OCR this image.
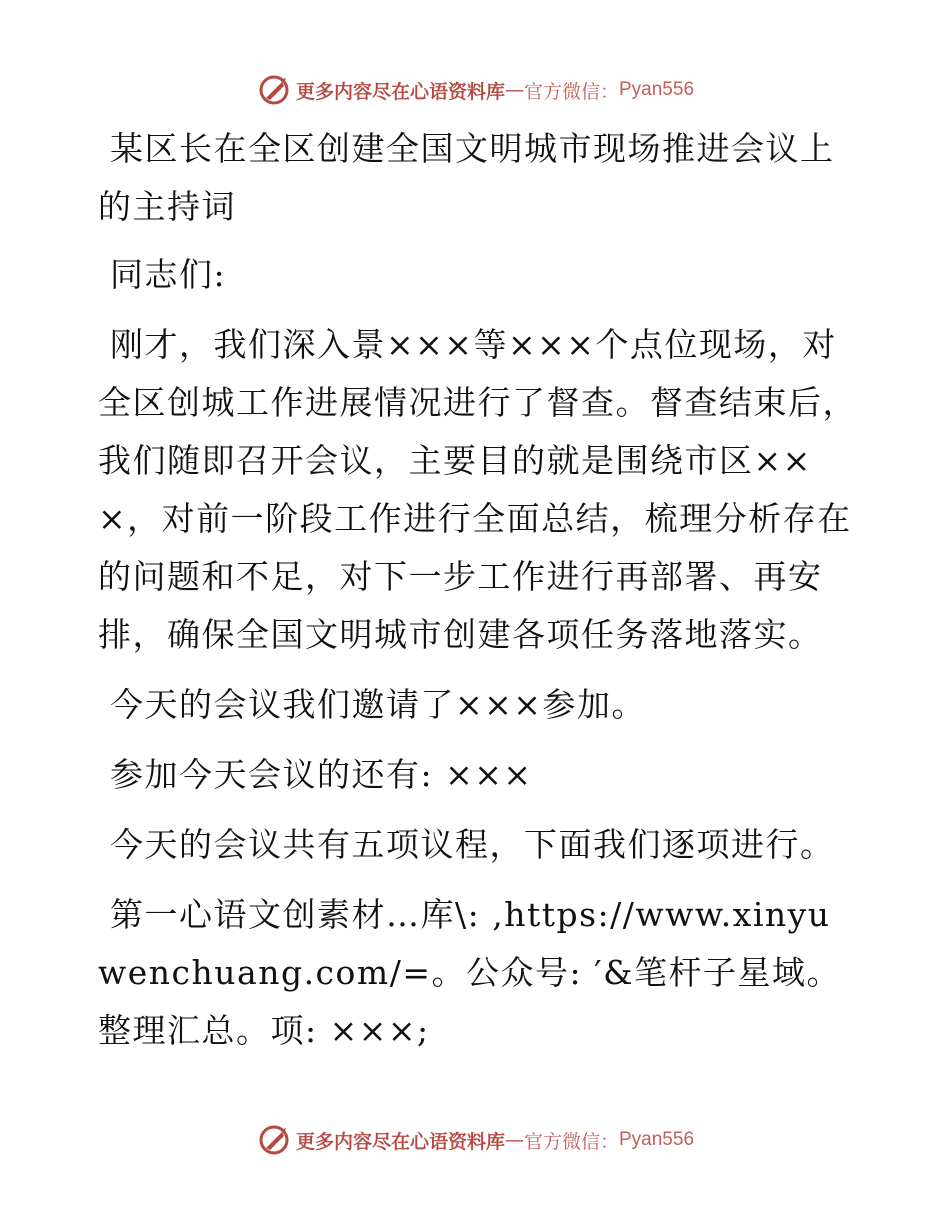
更多内容尽在心语资料库 — 官方微信： Pyan556
某区长在全区创建全国文明城市现场推进会议上的主持词
同志们:
刚才，我们深入景×××等×××个点位现场，对全区创城工作进展情况进行了督查。督查结束后，我们随即召开会议，主要目的就是围绕市区×××，对前一阶段工作进行全面总结，梳理分析存在的问题和不足，对下一步工作进行再部署、再安排，确保全国文明城市创建各项任务落地落实。
今天的会议我们邀请了×××参加。
参加今天会议的还有: ×××
今天的会议共有五项议程，下面我们逐项进行。
第一心语文创素材…库\: ,https://www.xinyuwenchuang.com/=。公众号: ′&笔杆子星域。整理汇总。项: ×××;
更多内容尽在心语资料库 — 官方微信： Pyan556
